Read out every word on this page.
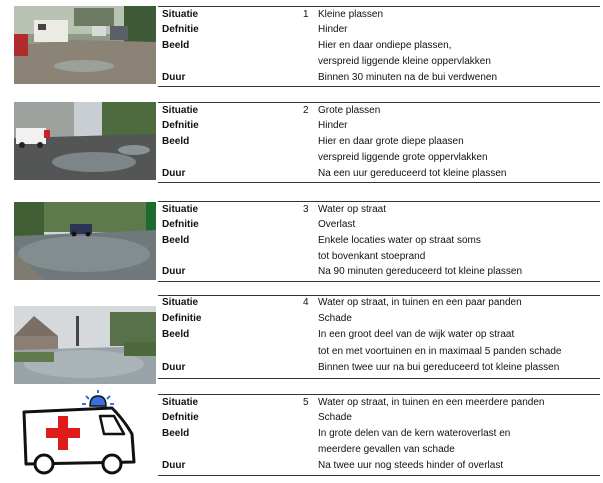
Situatie	1 Kleine plassen
Defnitie	Hinder
Beeld	Hier en daar ondiepe plassen,
verspreid liggende kleine oppervlakken
Duur	Binnen 30 minuten na de bui verdwenen
Situatie	2 Grote plassen
Defnitie	Hinder
Beeld	Hier en daar grote diepe plaasen
verspreid liggende grote oppervlakken
Duur	Na een uur gereduceerd tot kleine plassen
Situatie	3 Water op straat
Defnitie	Overlast
Beeld	Enkele locaties water op straat soms
tot bovenkant stoeprand
Duur	Na 90 minuten gereduceerd tot kleine plassen
Situatie	4 Water op straat, in tuinen en een paar panden
Definitie	Schade
Beeld	In een groot deel van de wijk water op straat
tot en met voortuinen en in maximaal 5 panden schade
Duur	Binnen twee uur na bui gereduceerd tot kleine plassen
Situatie	5 Water op straat, in tuinen en een meerdere panden
Defnitie	Schade
Beeld	In grote delen van de kern wateroverlast en
meerdere gevallen van schade
Duur	Na twee uur nog steeds hinder of overlast
